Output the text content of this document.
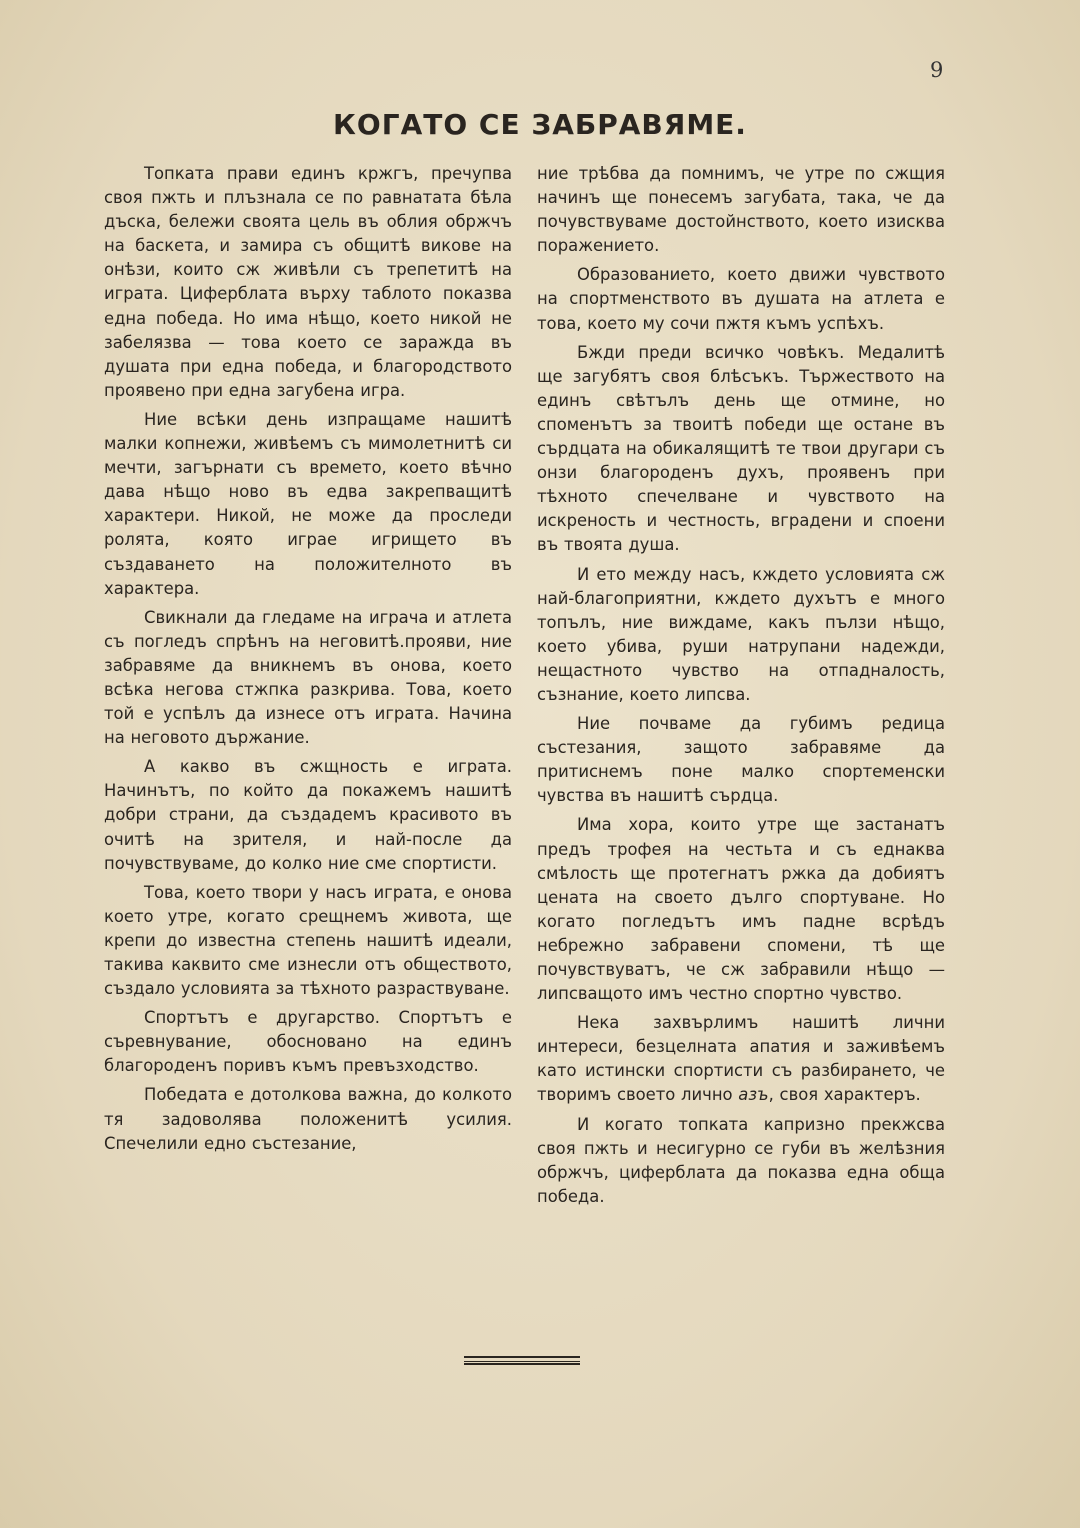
9
КОГАТО СЕ ЗАБРАВЯМЕ.

Топката прави единъ кржгъ, пречупва своя пжть и плъзнала се по равнатата бѣла дъска, бележи своята цель въ облия обржчъ на баскета, и замира съ общитѣ викове на онѣзи, които сж живѣли съ трепетитѣ на играта. Циферблата върху таблото показва една победа. Но има нѣщо, което никой не забелязва — това което се заражда въ душата при една победа, и благородството проявено при една загубена игра.

Ние всѣки день изпращаме нашитѣ малки копнежи, живѣемъ съ мимолетнитѣ си мечти, загърнати съ времето, което вѣчно дава нѣщо ново въ едва закрепващитѣ характери. Никой, не може да проследи ролята, която играе игрището въ създаването на положителното въ характера.

Свикнали да гледаме на играча и атлета съ погледъ спрѣнъ на неговитѣ.прояви, ние забравяме да вникнемъ въ онова, което всѣка негова стжпка разкрива. Това, което той е успѣлъ да изнесе отъ играта. Начина на неговото държание.

А какво въ сжщность е играта. Начинътъ, по който да покажемъ нашитѣ добри страни, да създадемъ красивото въ очитѣ на зрителя, и най-после да почувствуваме, до колко ние сме спортисти.

Това, което твори у насъ играта, е онова което утре, когато срещнемъ живота, ще крепи до известна степень нашитѣ идеали, такива каквито сме изнесли отъ обществото, създало условията за тѣхното разраствуване.

Спортътъ е другарство. Спортътъ е съревнувание, обосновано на единъ благороденъ поривъ къмъ превъзходство.

Победата е дотолкова важна, до колкото тя задоволява положенитѣ усилия. Спечелили едно състезание,

ние трѣбва да помнимъ, че утре по сжщия начинъ ще понесемъ загубата, така, че да почувствуваме достойнството, което изисква поражението.

Образованието, което движи чувството на спортменството въ душата на атлета е това, което му сочи пжтя къмъ успѣхъ.

Бжди преди всичко човѣкъ. Медалитѣ ще загубятъ своя блѣсъкъ. Тържеството на единъ свѣтълъ день ще отмине, но споменътъ за твоитѣ победи ще остане въ сърдцата на обикалящитѣ те твои другари съ онзи благороденъ духъ, проявенъ при тѣхното спечелване и чувството на искреность и честность, вградени и споени въ твоята душа.

И ето между насъ, кждето условията сж най-благоприятни, кждето духътъ е много топълъ, ние виждаме, какъ пълзи нѣщо, което убива, руши натрупани надежди, нещастното чувство на отпадналость, съзнание, което липсва.

Ние почваме да губимъ редица състезания, защото забравяме да притиснемъ поне малко спортеменски чувства въ нашитѣ сърдца.

Има хора, които утре ще застанатъ предъ трофея на честьта и съ еднаква смѣлость ще протегнатъ ржка да добиятъ цената на своето дълго спортуване. Но когато погледътъ имъ падне всрѣдъ небрежно забравени спомени, тѣ ще почувствуватъ, че сж забравили нѣщо — липсващото имъ честно спортно чувство.

Нека захвърлимъ нашитѣ лични интереси, безцелната апатия и заживѣемъ като истински спортисти съ разбирането, че творимъ своето лично азъ, своя характеръ.

И когато топката капризно прекжсва своя пжть и несигурно се губи въ желѣзния обржчъ, циферблата да показва една обща победа.
